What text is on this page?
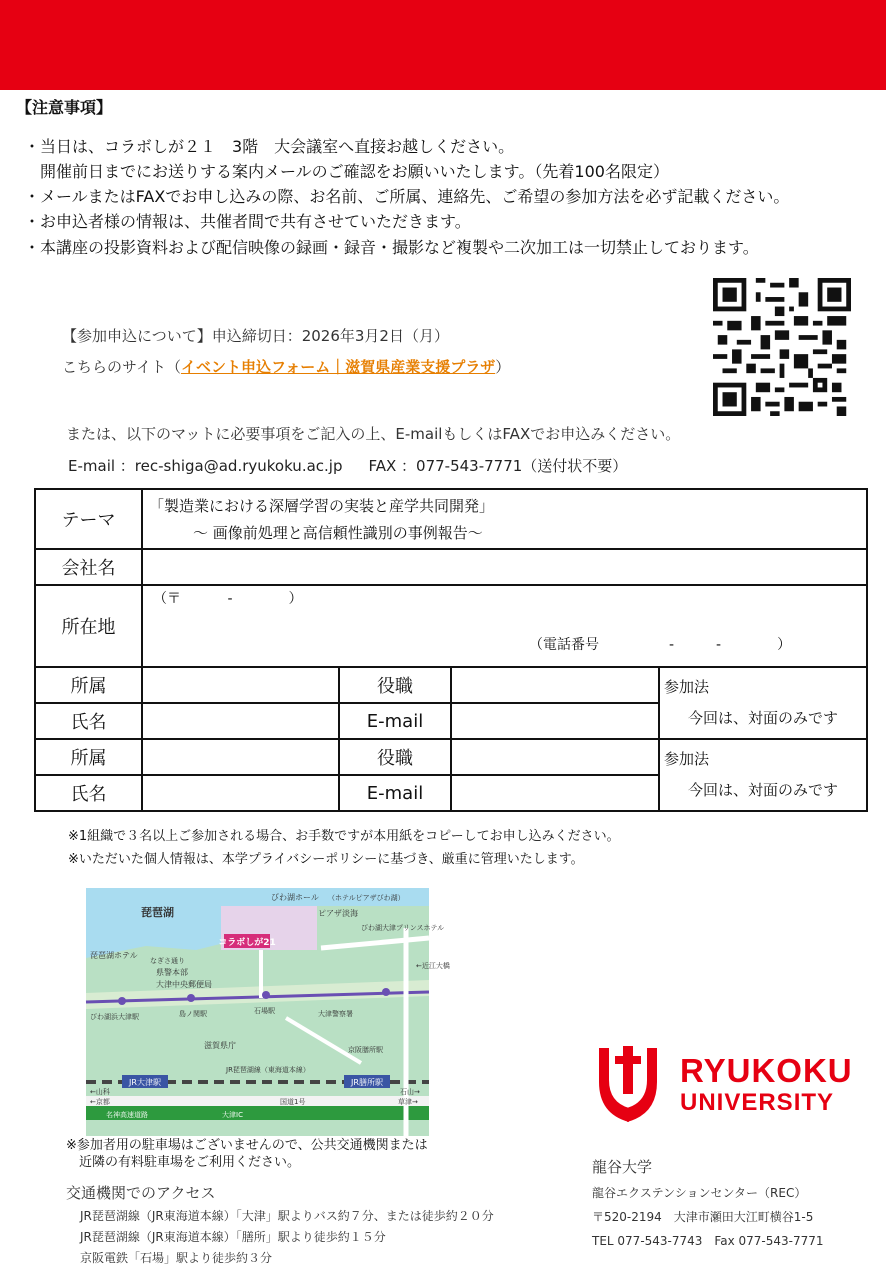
【注意事項】
・当日は、コラボしが２１　3階　大会議室へ直接お越しください。
　開催前日までにお送りする案内メールのご確認をお願いいたします。（先着100名限定）
・メールまたはFAXでお申し込みの際、お名前、ご所属、連絡先、ご希望の参加方法を必ず記載ください。
・お申込者様の情報は、共催者間で共有させていただきます。
・本講座の投影資料および配信映像の録画・録音・撮影など複製や二次加工は一切禁止しております。
【参加申込について】申込締切日：2026年3月2日（月）
こちらのサイト（イベント申込フォーム｜滋賀県産業支援プラザ）
または、以下のマットに必要事項をご記入の上、E-mailもしくはFAXでお申込みください。
E-mail ：rec-shiga@ad.ryukoku.ac.jp FAX ：077-543-7771（送付状不要）
テーマ	「製造業における深層学習の実装と産学共同開発」
～ 画像前処理と高信頼性識別の事例報告～			

会社名				
所在地	（〒　　　 -　　　　）
（電話番号　　　　　-　　　-　　　　）			

所属		役職		参加法
今回は、対面のみです

氏名		E-mail		
所属		役職		参加法
今回は、対面のみです

氏名		E-mail		
※1組織で３名以上ご参加される場合、お手数ですが本用紙をコピーしてお申し込みください。
※いただいた個人情報は、本学プライバシーポリシーに基づき、厳重に管理いたします。
コラボしが21
琵琶湖
びわ湖ホール （ホテルピアザびわ湖）
ピアザ淡海
びわ湖大津プリンスホテル
琵琶湖ホテル
なぎさ通り
県警本部
大津中央郵便局
びわ湖浜大津駅	島ノ関駅	石場駅	大津警察署
滋賀県庁	京阪膳所駅
JR琵琶湖線（東海道本線）
JR大津駅	JR膳所駅
←山科	石山→
←京都	草津→
国道1号
名神高速道路	大津IC
←近江大橋
※参加者用の駐車場はございませんので、公共交通機関または
　近隣の有料駐車場をご利用ください。
交通機関でのアクセス
JR琵琶湖線（JR東海道本線）「大津」駅よりバス約７分、または徒歩約２０分
JR琵琶湖線（JR東海道本線）「膳所」駅より徒歩約１５分
京阪電鉄「石場」駅より徒歩約３分
RYUKOKU
UNIVERSITY
龍谷大学
龍谷エクステンションセンター（REC）
〒520-2194　大津市瀬田大江町横谷1-5
TEL 077-543-7743　Fax 077-543-7771
